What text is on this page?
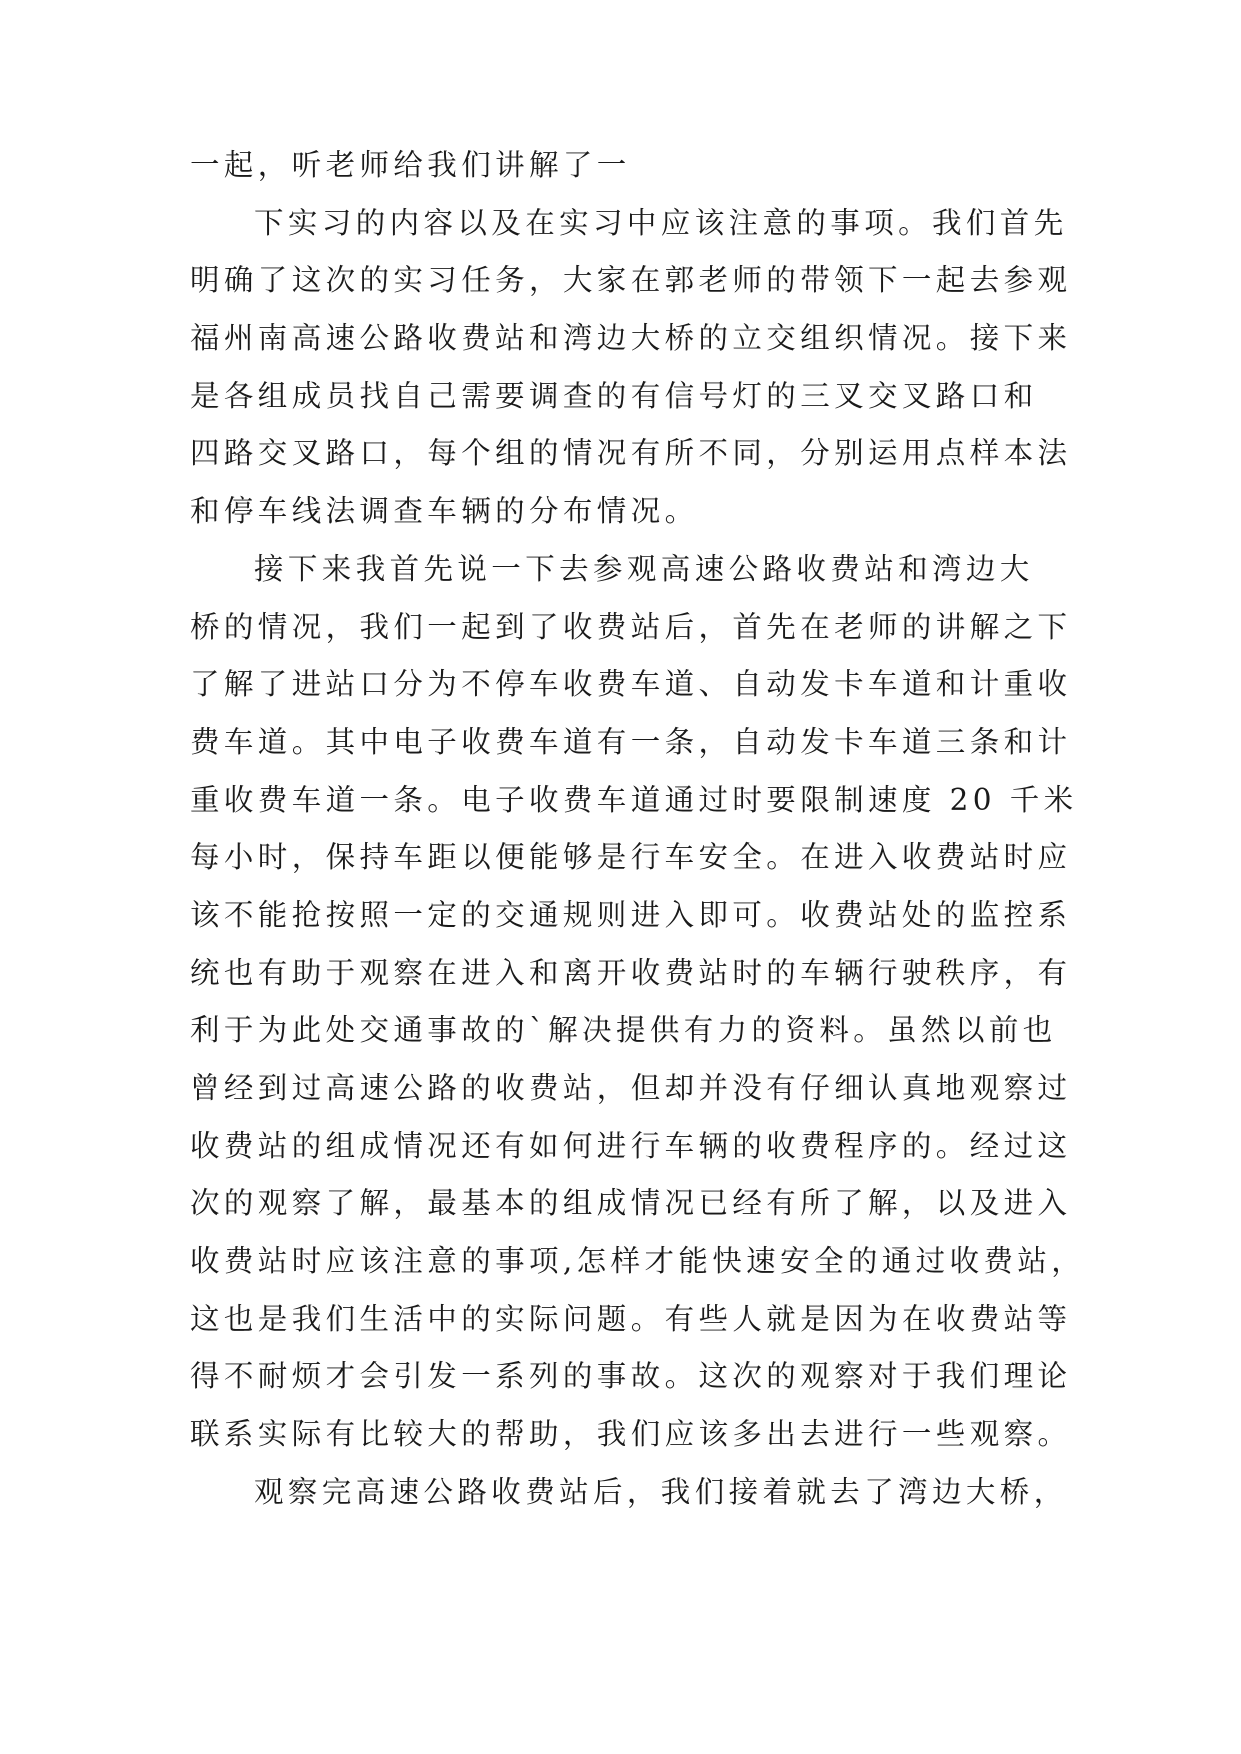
一起，听老师给我们讲解了一
下实习的内容以及在实习中应该注意的事项。我们首先
明确了这次的实习任务，大家在郭老师的带领下一起去参观
福州南高速公路收费站和湾边大桥的立交组织情况。接下来
是各组成员找自己需要调查的有信号灯的三叉交叉路口和
四路交叉路口，每个组的情况有所不同，分别运用点样本法
和停车线法调查车辆的分布情况。
接下来我首先说一下去参观高速公路收费站和湾边大
桥的情况，我们一起到了收费站后，首先在老师的讲解之下
了解了进站口分为不停车收费车道、自动发卡车道和计重收
费车道。其中电子收费车道有一条，自动发卡车道三条和计
重收费车道一条。电子收费车道通过时要限制速度 20 千米
每小时，保持车距以便能够是行车安全。在进入收费站时应
该不能抢按照一定的交通规则进入即可。收费站处的监控系
统也有助于观察在进入和离开收费站时的车辆行驶秩序，有
利于为此处交通事故的`解决提供有力的资料。虽然以前也
曾经到过高速公路的收费站，但却并没有仔细认真地观察过
收费站的组成情况还有如何进行车辆的收费程序的。经过这
次的观察了解，最基本的组成情况已经有所了解，以及进入
收费站时应该注意的事项,怎样才能快速安全的通过收费站，
这也是我们生活中的实际问题。有些人就是因为在收费站等
得不耐烦才会引发一系列的事故。这次的观察对于我们理论
联系实际有比较大的帮助，我们应该多出去进行一些观察。
观察完高速公路收费站后，我们接着就去了湾边大桥，
